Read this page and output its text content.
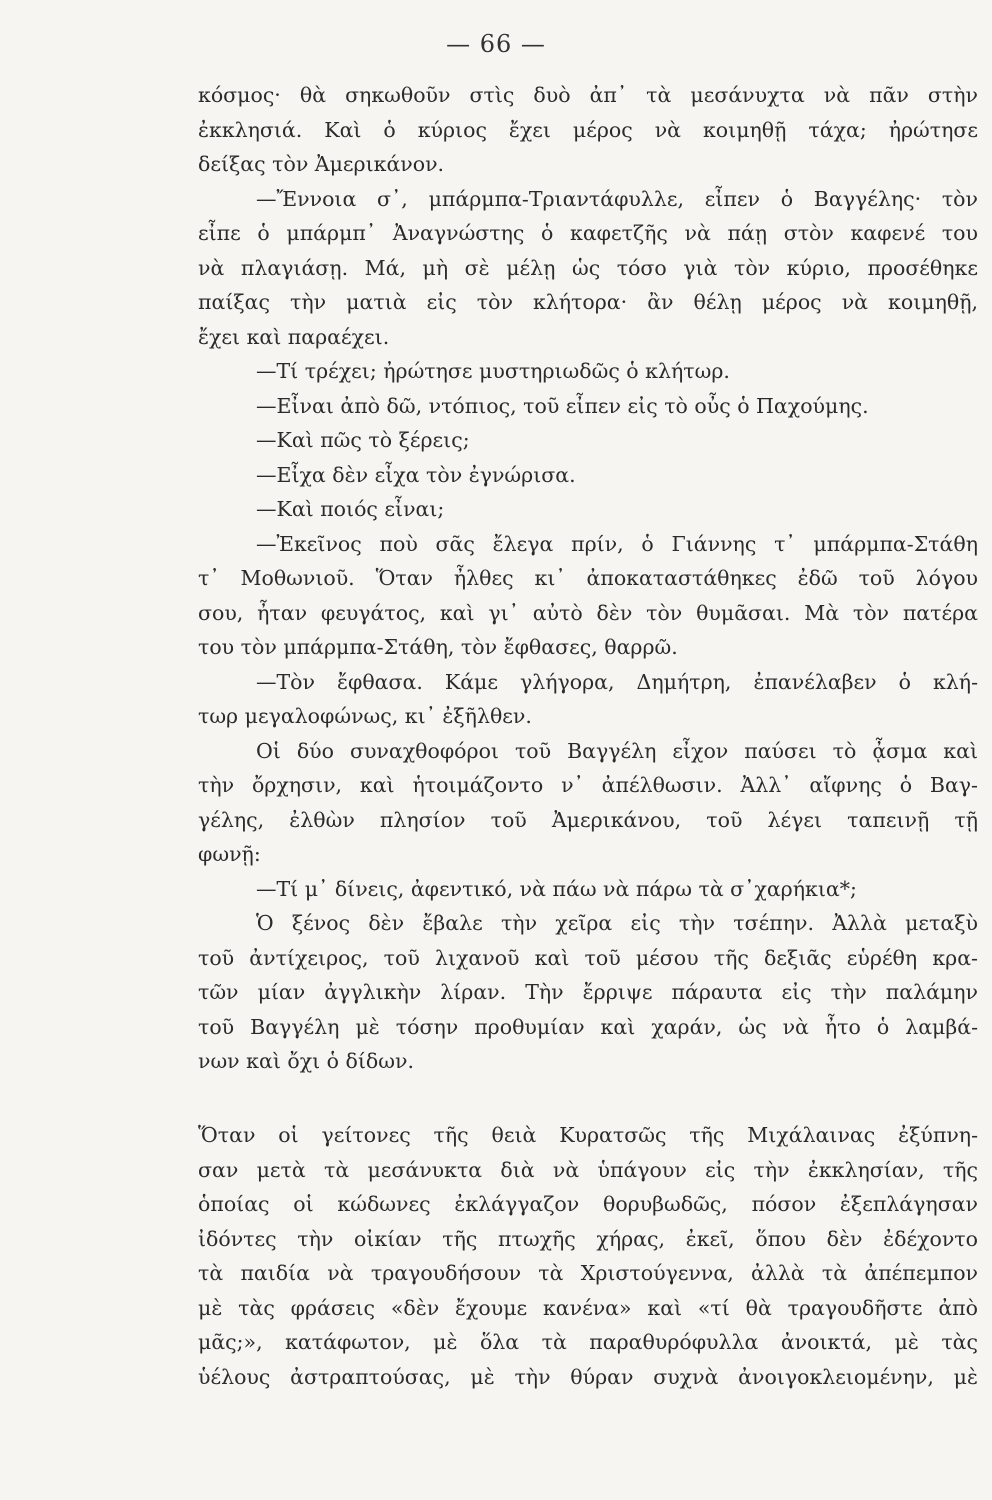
— 66 —
κόσμος· θὰ σηκωθοῦν στὶς δυὸ ἀπ᾽ τὰ μεσάνυχτα νὰ πᾶν στὴν
ἐκκλησιά. Καὶ ὁ κύριος ἔχει μέρος νὰ κοιμηθῇ τάχα; ἠρώτησε
δείξας τὸν Ἀμερικάνον.
—Ἔννοια σ᾽, μπάρμπα-Τριαντάφυλλε, εἶπεν ὁ Βαγγέλης· τὸν
εἶπε ὁ μπάρμπ᾽ Ἀναγνώστης ὁ καφετζῆς νὰ πάῃ στὸν καφενέ του
νὰ πλαγιάσῃ. Μά, μὴ σὲ μέλῃ ὡς τόσο γιὰ τὸν κύριο, προσέθηκε
παίξας τὴν ματιὰ εἰς τὸν κλήτορα· ἂν θέλῃ μέρος νὰ κοιμηθῇ,
ἔχει καὶ παραέχει.
—Τί τρέχει; ἠρώτησε μυστηριωδῶς ὁ κλήτωρ.
—Εἶναι ἀπὸ δῶ, ντόπιος, τοῦ εἶπεν εἰς τὸ οὖς ὁ Παχούμης.
—Καὶ πῶς τὸ ξέρεις;
—Εἶχα δὲν εἶχα τὸν ἐγνώρισα.
—Καὶ ποιός εἶναι;
—Ἐκεῖνος ποὺ σᾶς ἔλεγα πρίν, ὁ Γιάννης τ᾽ μπάρμπα-Στάθη
τ᾽ Μοθωνιοῦ. Ὅταν ἦλθες κι᾽ ἀποκαταστάθηκες ἐδῶ τοῦ λόγου
σου, ἦταν φευγάτος, καὶ γι᾽ αὐτὸ δὲν τὸν θυμᾶσαι. Μὰ τὸν πατέρα
του τὸν μπάρμπα-Στάθη, τὸν ἔφθασες, θαρρῶ.
—Τὸν ἔφθασα. Κάμε γλήγορα, Δημήτρη, ἐπανέλαβεν ὁ κλή-
τωρ μεγαλοφώνως, κι᾽ ἐξῆλθεν.
Οἱ δύο συναχθοφόροι τοῦ Βαγγέλη εἶχον παύσει τὸ ᾆσμα καὶ
τὴν ὄρχησιν, καὶ ἡτοιμάζοντο ν᾽ ἀπέλθωσιν. Ἀλλ᾽ αἴφνης ὁ Βαγ-
γέλης, ἐλθὼν πλησίον τοῦ Ἀμερικάνου, τοῦ λέγει ταπεινῇ τῇ
φωνῇ:
—Τί μ᾽ δίνεις, ἀφεντικό, νὰ πάω νὰ πάρω τὰ σ᾽χαρήκια*;
Ὁ ξένος δὲν ἔβαλε τὴν χεῖρα εἰς τὴν τσέπην. Ἀλλὰ μεταξὺ
τοῦ ἀντίχειρος, τοῦ λιχανοῦ καὶ τοῦ μέσου τῆς δεξιᾶς εὑρέθη κρα-
τῶν μίαν ἀγγλικὴν λίραν. Τὴν ἔρριψε πάραυτα εἰς τὴν παλάμην
τοῦ Βαγγέλη μὲ τόσην προθυμίαν καὶ χαράν, ὡς νὰ ἦτο ὁ λαμβά-
νων καὶ ὄχι ὁ δίδων.
Ὅταν οἱ γείτονες τῆς θειὰ Κυρατσῶς τῆς Μιχάλαινας ἐξύπνη-
σαν μετὰ τὰ μεσάνυκτα διὰ νὰ ὑπάγουν εἰς τὴν ἐκκλησίαν, τῆς
ὁποίας οἱ κώδωνες ἐκλάγγαζον θορυβωδῶς, πόσον ἐξεπλάγησαν
ἰδόντες τὴν οἰκίαν τῆς πτωχῆς χήρας, ἐκεῖ, ὅπου δὲν ἐδέχοντο
τὰ παιδία νὰ τραγουδήσουν τὰ Χριστούγεννα, ἀλλὰ τὰ ἀπέπεμπον
μὲ τὰς φράσεις «δὲν ἔχουμε κανένα» καὶ «τί θὰ τραγουδῆστε ἀπὸ
μᾶς;», κατάφωτον, μὲ ὅλα τὰ παραθυρόφυλλα ἀνοικτά, μὲ τὰς
ὑέλους ἀστραπτούσας, μὲ τὴν θύραν συχνὰ ἀνοιγοκλειομένην, μὲ
